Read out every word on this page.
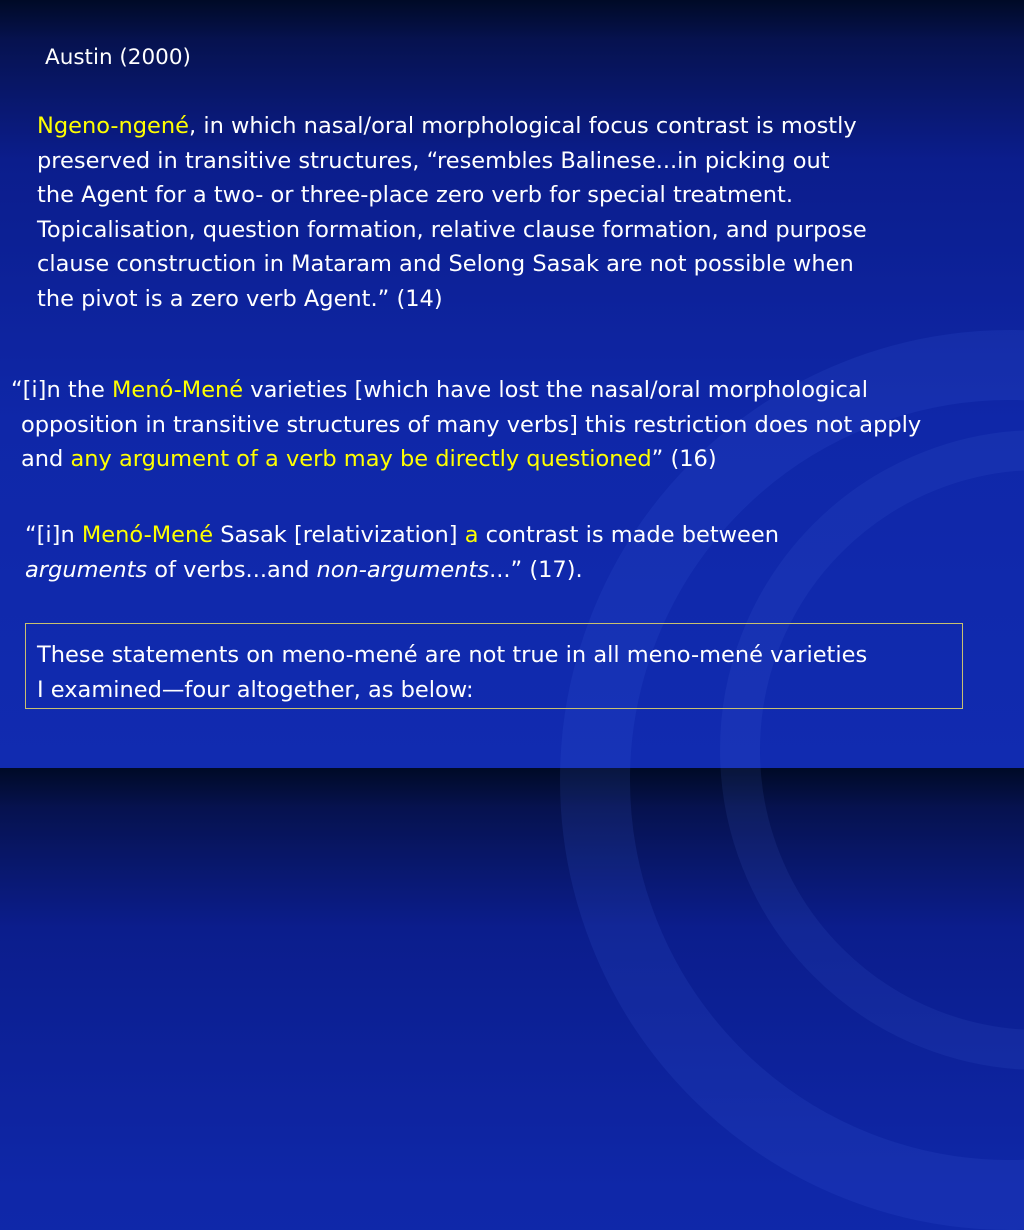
Austin (2000)
Ngeno-ngené, in which nasal/oral morphological focus contrast is mostly
preserved in transitive structures, “resembles Balinese...in picking out
the Agent for a two- or three-place zero verb for special treatment.
Topicalisation, question formation, relative clause formation, and purpose
clause construction in Mataram and Selong Sasak are not possible when
the pivot is a zero verb Agent.” (14)
“[i]n the Menó-Mené varieties [which have lost the nasal/oral morphological
opposition in transitive structures of many verbs] this restriction does not apply
and any argument of a verb may be directly questioned” (16)
“[i]n Menó-Mené Sasak [relativization] a contrast is made between
arguments of verbs...and non-arguments...” (17).
These statements on meno-mené are not true in all meno-mené varieties
I examined—four altogether, as below:
